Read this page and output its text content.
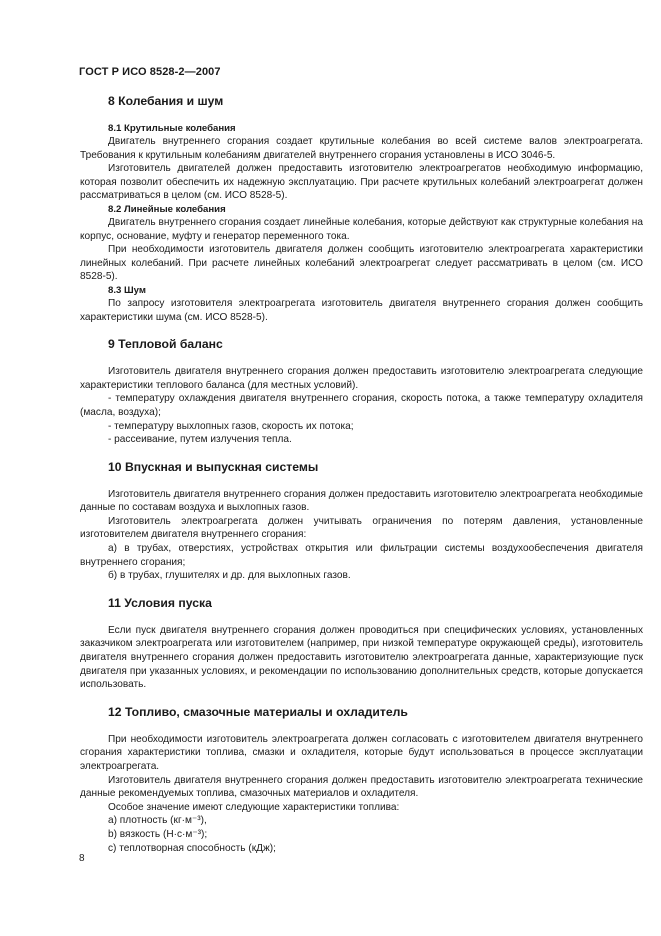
ГОСТ Р ИСО 8528-2—2007
8 Колебания и шум
8.1 Крутильные колебания

Двигатель внутреннего сгорания создает крутильные колебания во всей системе валов электроагрегата. Требования к крутильным колебаниям двигателей внутреннего сгорания установлены в ИСО 3046-5.

Изготовитель двигателей должен предоставить изготовителю электроагрегатов необходимую информацию, которая позволит обеспечить их надежную эксплуатацию. При расчете крутильных колебаний электроагрегат должен рассматриваться в целом (см. ИСО 8528-5).

8.2 Линейные колебания

Двигатель внутреннего сгорания создает линейные колебания, которые действуют как структурные колебания на корпус, основание, муфту и генератор переменного тока.

При необходимости изготовитель двигателя должен сообщить изготовителю электроагрегата характеристики линейных колебаний. При расчете линейных колебаний электроагрегат следует рассматривать в целом (см. ИСО 8528-5).

8.3 Шум

По запросу изготовителя электроагрегата изготовитель двигателя внутреннего сгорания должен сообщить характеристики шума (см. ИСО 8528-5).

9 Тепловой баланс

Изготовитель двигателя внутреннего сгорания должен предоставить изготовителю электроагрегата следующие характеристики теплового баланса (для местных условий).

- температуру охлаждения двигателя внутреннего сгорания, скорость потока, а также температуру охладителя (масла, воздуха);

- температуру выхлопных газов, скорость их потока;

- рассеивание, путем излучения тепла.

10 Впускная и выпускная системы

Изготовитель двигателя внутреннего сгорания должен предоставить изготовителю электроагрегата необходимые данные по составам воздуха и выхлопных газов.

Изготовитель электроагрегата должен учитывать ограничения по потерям давления, установленные изготовителем двигателя внутреннего сгорания:

а) в трубах, отверстиях, устройствах открытия или фильтрации системы воздухообеспечения двигателя внутреннего сгорания;

б) в трубах, глушителях и др. для выхлопных газов.

11 Условия пуска

Если пуск двигателя внутреннего сгорания должен проводиться при специфических условиях, установленных заказчиком электроагрегата или изготовителем (например, при низкой температуре окружающей среды), изготовитель двигателя внутреннего сгорания должен предоставить изготовителю электроагрегата данные, характеризующие пуск двигателя при указанных условиях, и рекомендации по использованию дополнительных средств, которые допускается использовать.

12 Топливо, смазочные материалы и охладитель

При необходимости изготовитель электроагрегата должен согласовать с изготовителем двигателя внутреннего сгорания характеристики топлива, смазки и охладителя, которые будут использоваться в процессе эксплуатации электроагрегата.

Изготовитель двигателя внутреннего сгорания должен предоставить изготовителю электроагрегата технические данные рекомендуемых топлива, смазочных материалов и охладителя.

Особое значение имеют следующие характеристики топлива:

а) плотность (кг·м⁻³),

b) вязкость (Н·с·м⁻³);

с) теплотворная способность (кДж);

8
